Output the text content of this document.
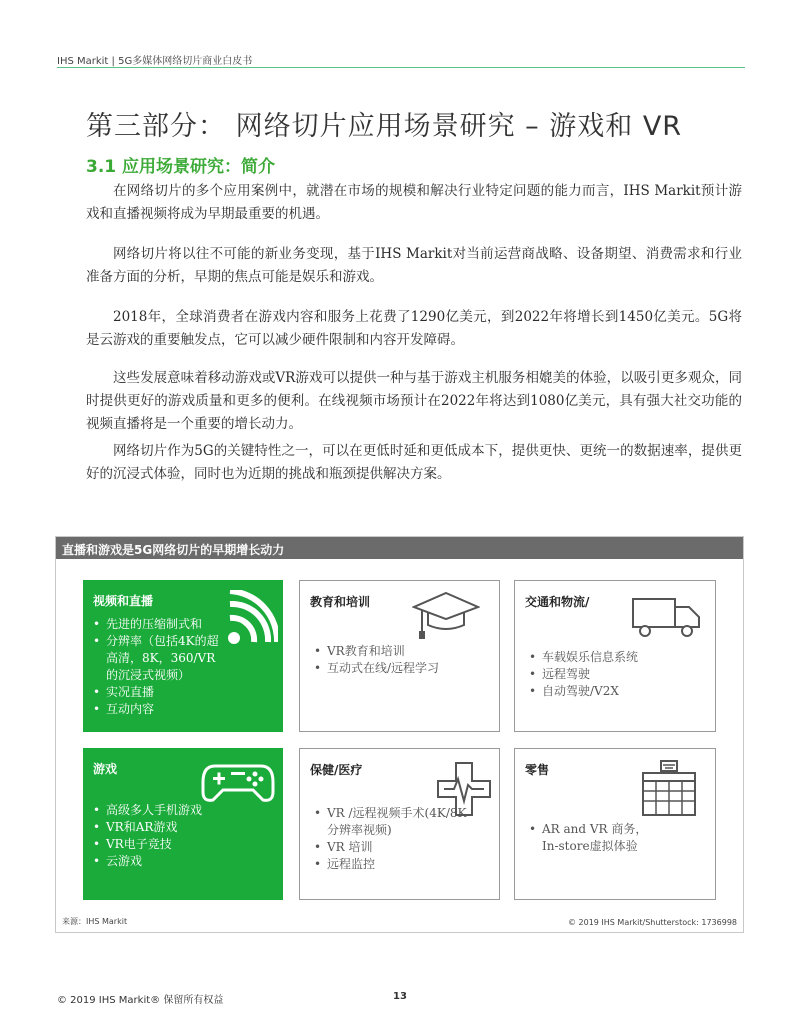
IHS Markit | 5G多媒体网络切片商业白皮书
第三部分： 网络切片应用场景研究 – 游戏和 VR
3.1 应用场景研究：简介

在网络切片的多个应用案例中，就潜在市场的规模和解决行业特定问题的能力而言，IHS Markit预计游戏和直播视频将成为早期最重要的机遇。

网络切片将以往不可能的新业务变现，基于IHS Markit对当前运营商战略、设备期望、消费需求和行业准备方面的分析，早期的焦点可能是娱乐和游戏。

2018年，全球消费者在游戏内容和服务上花费了1290亿美元，到2022年将增长到1450亿美元。5G将是云游戏的重要触发点，它可以减少硬件限制和内容开发障碍。

这些发展意味着移动游戏或VR游戏可以提供一种与基于游戏主机服务相媲美的体验，以吸引更多观众，同时提供更好的游戏质量和更多的便利。在线视频市场预计在2022年将达到1080亿美元，具有强大社交功能的视频直播将是一个重要的增长动力。

网络切片作为5G的关键特性之一，可以在更低时延和更低成本下，提供更快、更统一的数据速率，提供更好的沉浸式体验，同时也为近期的挑战和瓶颈提供解决方案。

直播和游戏是5G网络切片的早期增长动力
视频和直播
• 先进的压缩制式和
• 分辨率（包括4K的超高清，8K，360/VR的沉浸式视频）
• 实况直播
• 互动内容
教育和培训
• VR教育和培训
• 互动式在线/远程学习
交通和物流/
• 车载娱乐信息系统
• 远程驾驶
• 自动驾驶/V2X
游戏
• 高级多人手机游戏
• VR和AR游戏
• VR电子竞技
• 云游戏
保健/医疗
• VR /远程视频手术(4K/8K分辨率视频)
• VR 培训
• 远程监控
零售
• AR and VR 商务，In-store虚拟体验
来源：IHS Markit	© 2019 IHS Markit/Shutterstock: 1736998
© 2019 IHS Markit® 保留所有权益	13
